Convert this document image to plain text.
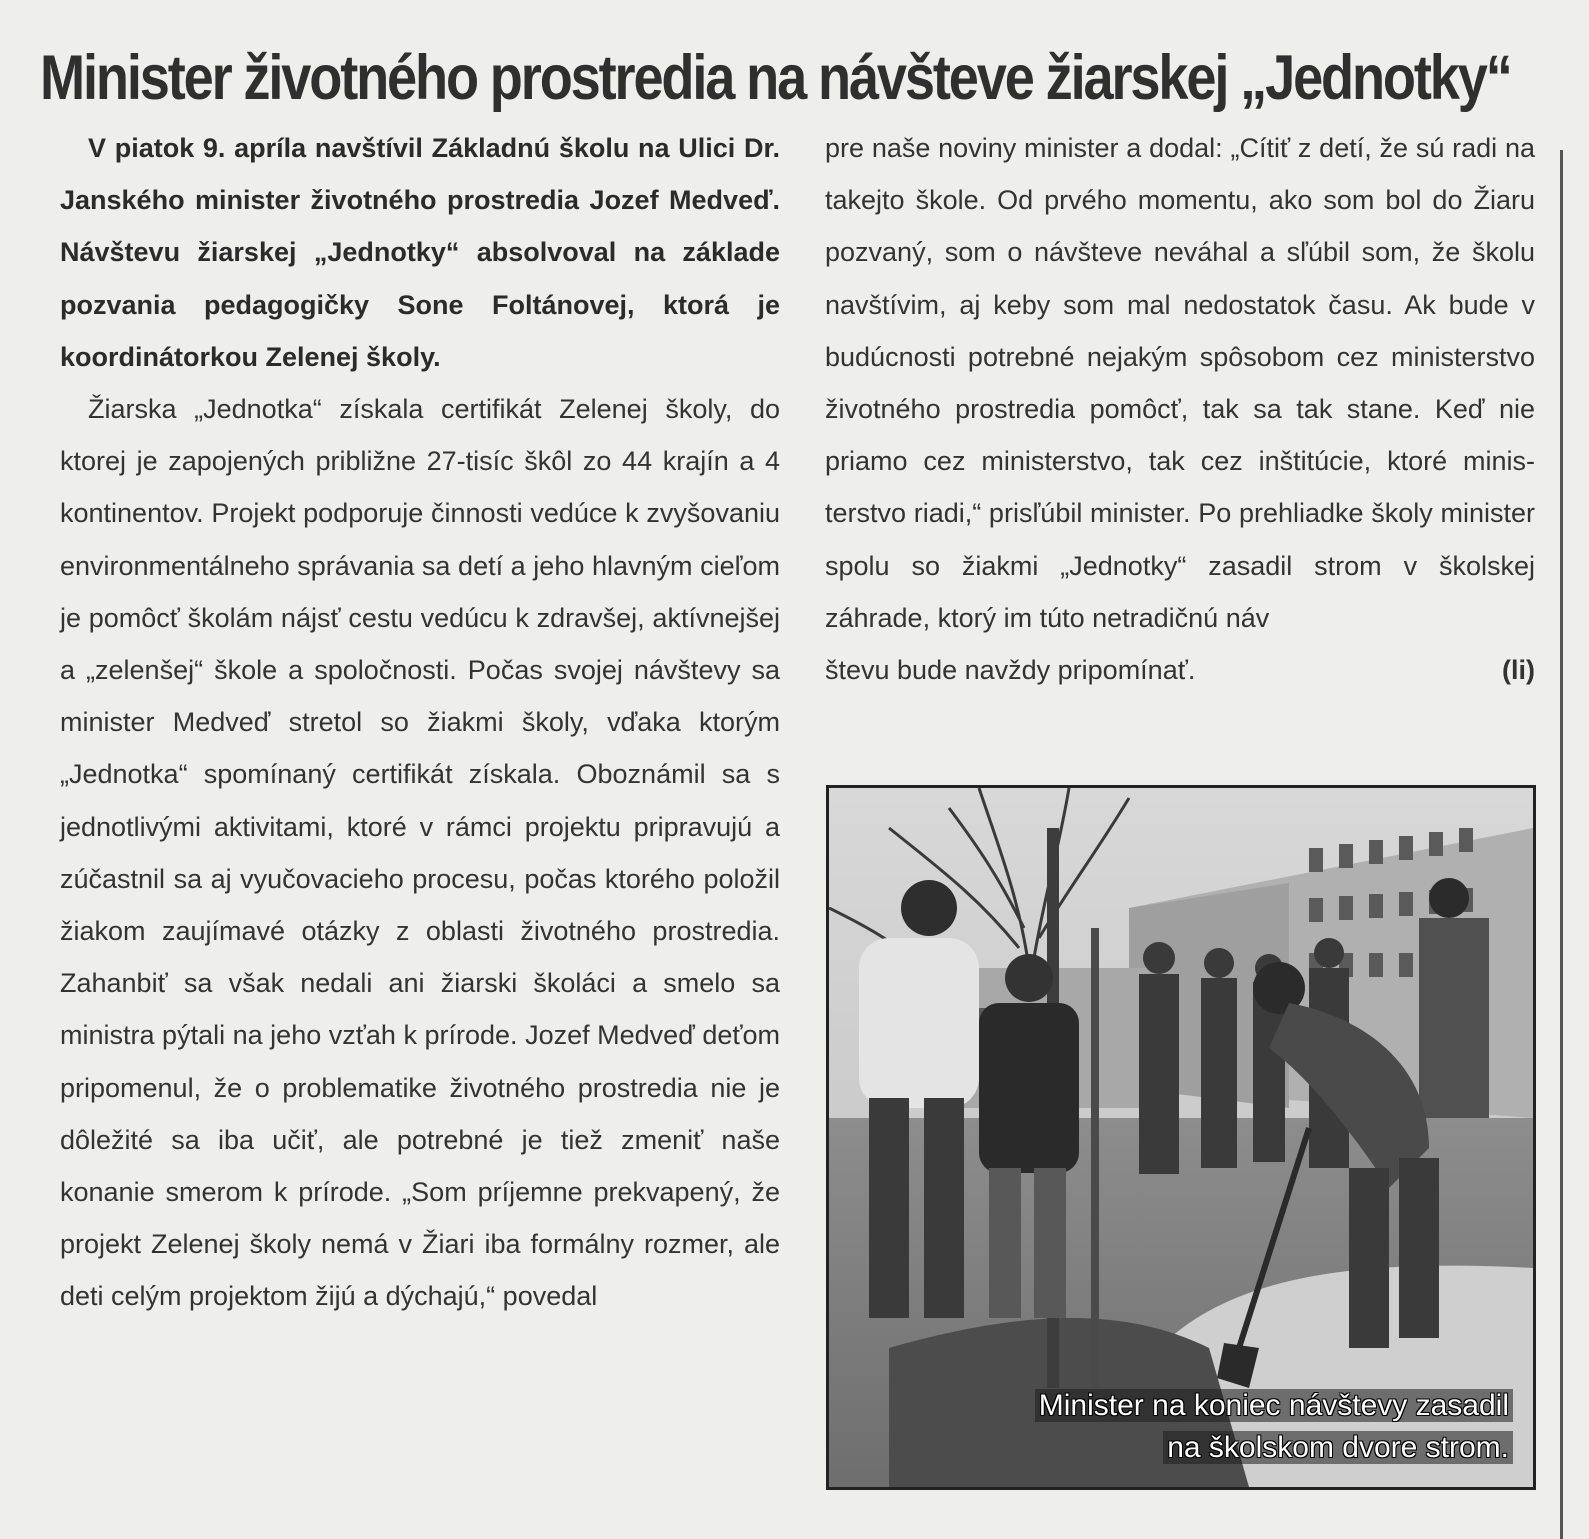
Minister životného prostredia na návšteve žiarskej „Jednotky“

V piatok 9. apríla navštívil Základnú školu na Ulici Dr. Janského minister životného prostredia Jozef Medveď. Návštevu žiarskej „Jednotky“ absolvoval na základe pozvania pedagogičky Sone Foltánovej, ktorá je koordinátorkou Zelenej školy.

Žiarska „Jednotka“ získala certifikát Zelenej školy, do ktorej je zapojených približne 27-tisíc škôl zo 44 krajín a 4 kontinentov. Projekt podporuje činnosti vedúce k zvyšovaniu environmentálneho správania sa detí a jeho hlavným cieľom je pomôcť školám nájsť cestu vedúcu k zdravšej, aktívnejšej a „zelenšej“ škole a spoločnosti. Počas svojej návštevy sa minister Medveď stretol so žiakmi školy, vďaka ktorým „Jednotka“ spomínaný certifikát získala. Oboznámil sa s jednotlivými aktivitami, ktoré v rámci projektu pripravujú a zúčastnil sa aj vyučovacieho procesu, počas ktorého položil žiakom zaujímavé otázky z oblasti životného prostredia. Zahanbiť sa však nedali ani žiarski školáci a smelo sa ministra pýtali na jeho vzťah k prírode. Jozef Medveď deťom pripomenul, že o problematike životného prostredia nie je dôležité sa iba učiť, ale potrebné je tiež zmeniť naše konanie smerom k prírode. „Som príjemne prekvapený, že projekt Zelenej školy nemá v Žiari iba formálny rozmer, ale deti celým projektom žijú a dýchajú,“ povedal

pre naše noviny minister a dodal: „Cítiť z detí, že sú radi na takejto škole. Od prvého momentu, ako som bol do Žiaru pozvaný, som o návšteve neváhal a sľúbil som, že školu navštívim, aj keby som mal nedostatok času. Ak bude v budúcnosti potrebné nejakým spôsobom cez ministerstvo životného prostredia pomôcť, tak sa tak stane. Keď nie priamo cez ministerstvo, tak cez inštitúcie, ktoré ministerstvo riadi,“ prisľúbil minister. Po prehliadke školy minister spolu so žiakmi „Jednotky“ zasadil strom v školskej záhrade, ktorý im túto netradičnú náv

števu bude navždy pripomínať.	(li)
Minister na koniec návštevy zasadil
na školskom dvore strom.
